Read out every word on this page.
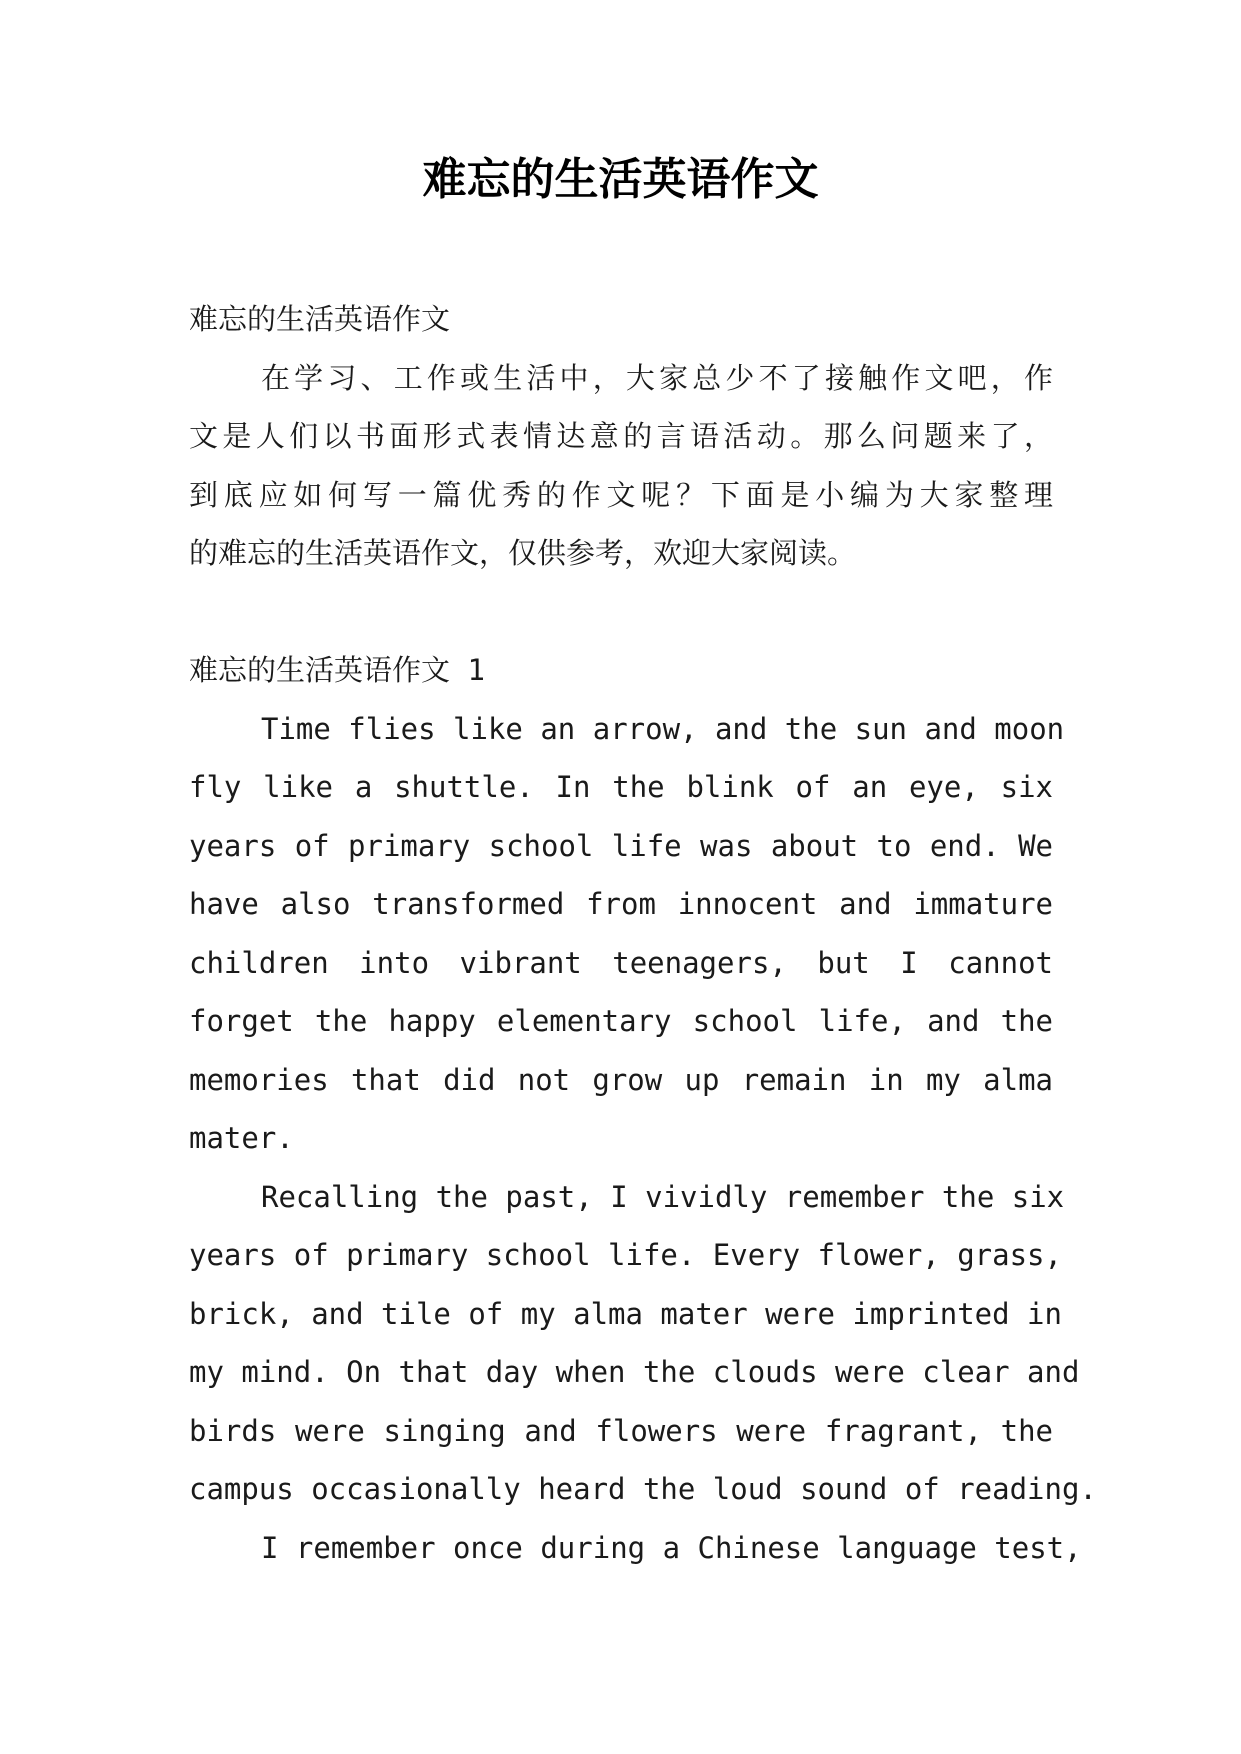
难忘的生活英语作文
难忘的生活英语作文
在学习、工作或生活中，大家总少不了接触作文吧，作
文是人们以书面形式表情达意的言语活动。那么问题来了，
到底应如何写一篇优秀的作文呢？下面是小编为大家整理
的难忘的生活英语作文，仅供参考，欢迎大家阅读。
难忘的生活英语作文 1
Time flies like an arrow, and the sun and moon
fly like a shuttle. In the blink of an eye, six
years of primary school life was about to end. We
have also transformed from innocent and immature
children into vibrant teenagers, but I cannot
forget the happy elementary school life, and the
memories that did not grow up remain in my alma
mater.
Recalling the past, I vividly remember the six
years of primary school life. Every flower, grass,
brick, and tile of my alma mater were imprinted in
my mind. On that day when the clouds were clear and
birds were singing and flowers were fragrant, the
campus occasionally heard the loud sound of reading.
I remember once during a Chinese language test,
